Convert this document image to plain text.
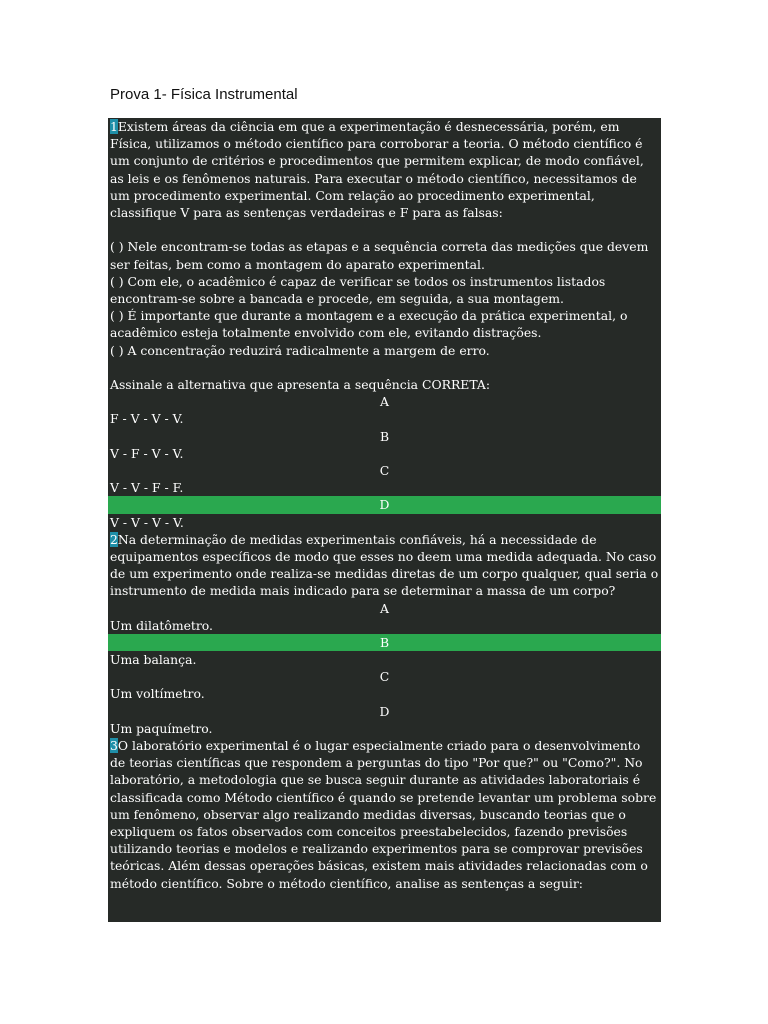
Prova 1- Física Instrumental
1Existem áreas da ciência em que a experimentação é desnecessária, porém, em Física, utilizamos o método científico para corroborar a teoria. O método científico é um conjunto de critérios e procedimentos que permitem explicar, de modo confiável, as leis e os fenômenos naturais. Para executar o método científico, necessitamos de um procedimento experimental. Com relação ao procedimento experimental, classifique V para as sentenças verdadeiras e F para as falsas:
( ) Nele encontram-se todas as etapas e a sequência correta das medições que devem ser feitas, bem como a montagem do aparato experimental.
( ) Com ele, o acadêmico é capaz de verificar se todos os instrumentos listados encontram-se sobre a bancada e procede, em seguida, a sua montagem.
( ) É importante que durante a montagem e a execução da prática experimental, o acadêmico esteja totalmente envolvido com ele, evitando distrações.
( ) A concentração reduzirá radicalmente a margem de erro.
Assinale a alternativa que apresenta a sequência CORRETA:
A
F - V - V - V.
B
V - F - V - V.
C
V - V - F - F.
D
V - V - V - V.
2Na determinação de medidas experimentais confiáveis, há a necessidade de equipamentos específicos de modo que esses no deem uma medida adequada. No caso de um experimento onde realiza-se medidas diretas de um corpo qualquer, qual seria o instrumento de medida mais indicado para se determinar a massa de um corpo?
A
Um dilatômetro.
B
Uma balança.
C
Um voltímetro.
D
Um paquímetro.
3O laboratório experimental é o lugar especialmente criado para o desenvolvimento de teorias científicas que respondem a perguntas do tipo "Por que?" ou "Como?". No laboratório, a metodologia que se busca seguir durante as atividades laboratoriais é classificada como Método científico é quando se pretende levantar um problema sobre um fenômeno, observar algo realizando medidas diversas, buscando teorias que o expliquem os fatos observados com conceitos preestabelecidos, fazendo previsões utilizando teorias e modelos e realizando experimentos para se comprovar previsões teóricas. Além dessas operações básicas, existem mais atividades relacionadas com o método científico. Sobre o método científico, analise as sentenças a seguir:
